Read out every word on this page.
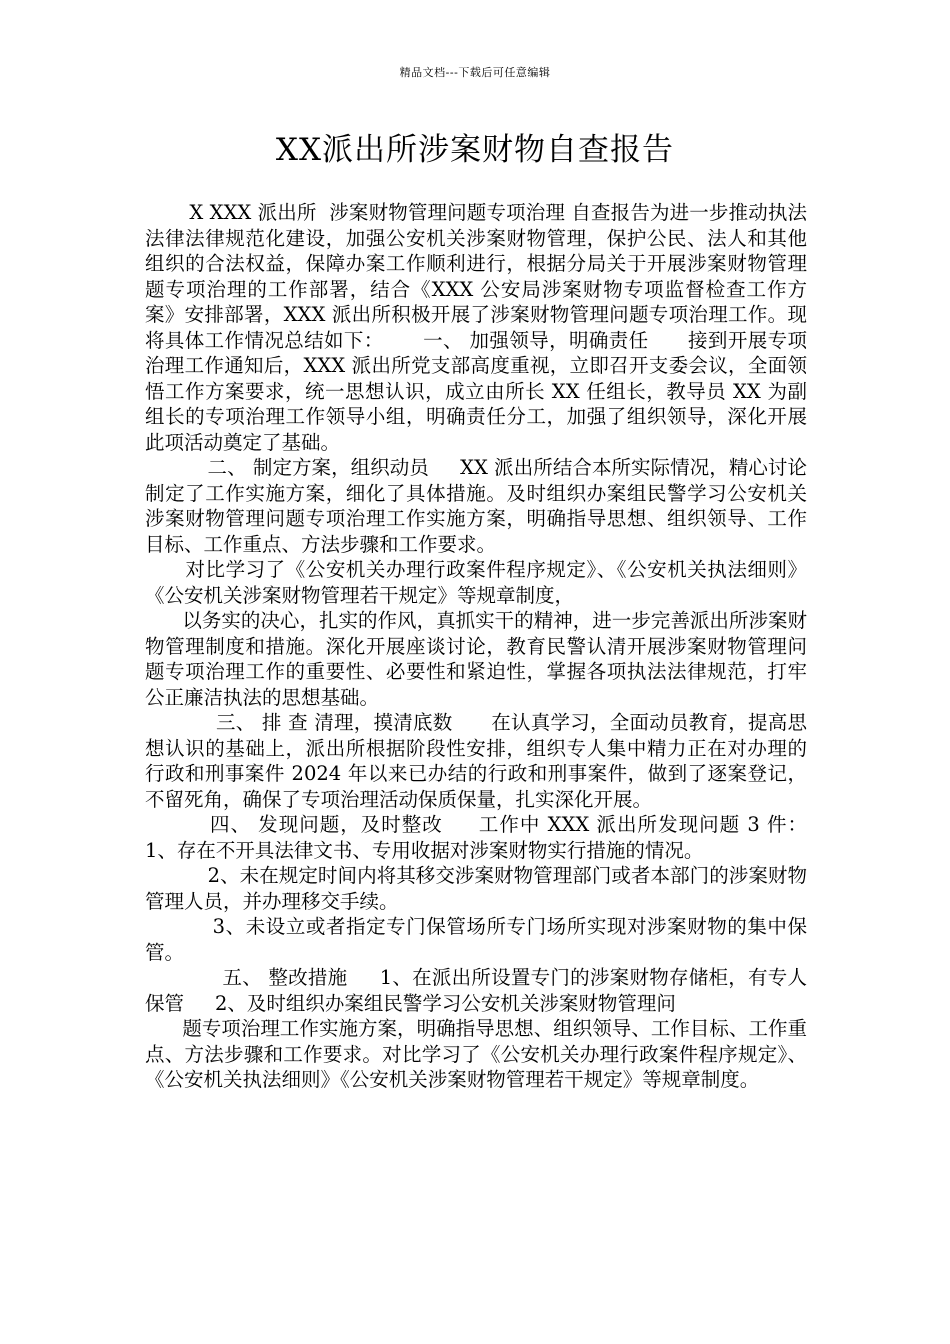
精品文档---下载后可任意编辑
XX派出所涉案财物自查报告

X XXX 派出所  涉案财物管理问题专项治理 自查报告为进一步推动执法法律法律规范化建设，加强公安机关涉案财物管理，保护公民、法人和其他组织的合法权益，保障办案工作顺利进行，根据分局关于开展涉案财物管理题专项治理的工作部署，结合《XXX 公安局涉案财物专项监督检查工作方案》安排部署，XXX 派出所积极开展了涉案财物管理问题专项治理工作。现将具体工作情况总结如下：      一、 加强领导，明确责任      接到开展专项治理工作通知后，XXX 派出所党支部高度重视，立即召开支委会议，全面领悟工作方案要求，统一思想认识，成立由所长 XX 任组长，教导员 XX 为副组长的专项治理工作领导小组，明确责任分工，加强了组织领导，深化开展此项活动奠定了基础。

二、 制定方案，组织动员     XX 派出所结合本所实际情况，精心讨论制定了工作实施方案，细化了具体措施。及时组织办案组民警学习公安机关涉案财物管理问题专项治理工作实施方案，明确指导思想、组织领导、工作目标、工作重点、方法步骤和工作要求。

对比学习了《公安机关办理行政案件程序规定》、《公安机关执法细则》《公安机关涉案财物管理若干规定》等规章制度，

以务实的决心，扎实的作风，真抓实干的精神，进一步完善派出所涉案财物管理制度和措施。深化开展座谈讨论，教育民警认清开展涉案财物管理问题专项治理工作的重要性、必要性和紧迫性，掌握各项执法法律规范，打牢公正廉洁执法的思想基础。

三、 排 查 清理，摸清底数      在认真学习，全面动员教育，提高思想认识的基础上，派出所根据阶段性安排，组织专人集中精力正在对办理的行政和刑事案件 2024 年以来已办结的行政和刑事案件，做到了逐案登记，不留死角，确保了专项治理活动保质保量，扎实深化开展。

四、 发现问题，及时整改     工作中 XXX 派出所发现问题 3 件：     1、存在不开具法律文书、专用收据对涉案财物实行措施的情况。

2、未在规定时间内将其移交涉案财物管理部门或者本部门的涉案财物管理人员，并办理移交手续。

3、未设立或者指定专门保管场所专门场所实现对涉案财物的集中保管。

五、 整改措施     1、在派出所设置专门的涉案财物存储柜，有专人保管     2、及时组织办案组民警学习公安机关涉案财物管理问

题专项治理工作实施方案，明确指导思想、组织领导、工作目标、工作重点、方法步骤和工作要求。对比学习了《公安机关办理行政案件程序规定》、《公安机关执法细则》《公安机关涉案财物管理若干规定》等规章制度。
